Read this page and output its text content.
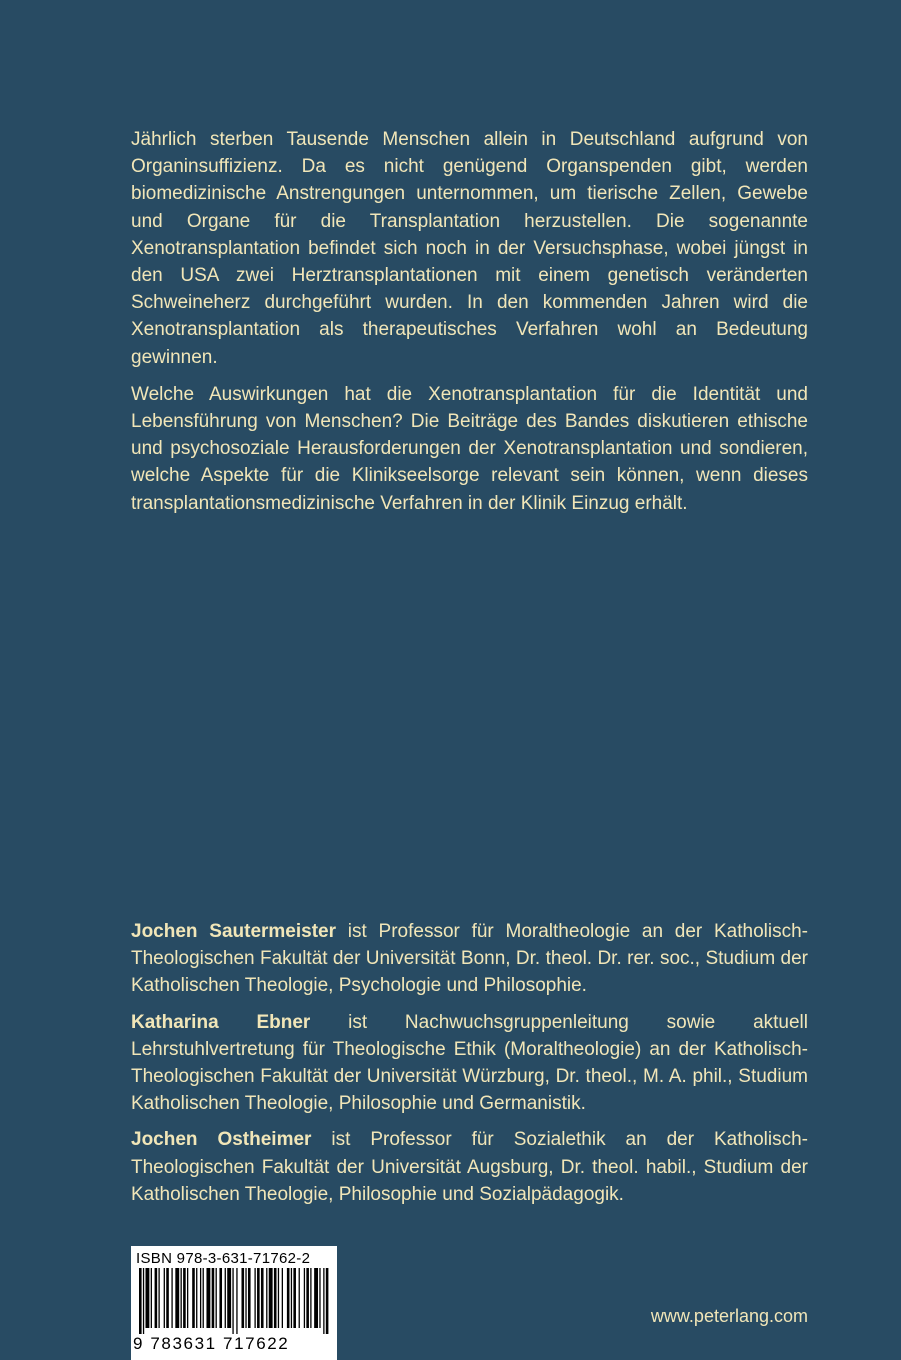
Jährlich sterben Tausende Menschen allein in Deutschland aufgrund von Organinsuffizienz. Da es nicht genügend Organspenden gibt, werden biomedizinische Anstrengungen unternommen, um tierische Zellen, Gewebe und Organe für die Transplantation herzustellen. Die sogenannte Xenotransplantation befindet sich noch in der Versuchsphase, wobei jüngst in den USA zwei Herztransplantationen mit einem genetisch veränderten Schweineherz durchgeführt wurden. In den kommenden Jahren wird die Xenotransplantation als therapeutisches Verfahren wohl an Bedeutung gewinnen.

Welche Auswirkungen hat die Xenotransplantation für die Identität und Lebensführung von Menschen? Die Beiträge des Bandes diskutieren ethische und psychosoziale Herausforderungen der Xenotransplantation und sondieren, welche Aspekte für die Klinikseelsorge relevant sein können, wenn dieses transplantationsmedizinische Verfahren in der Klinik Einzug erhält.

Jochen Sautermeister ist Professor für Moraltheologie an der Katholisch-Theologischen Fakultät der Universität Bonn, Dr. theol. Dr. rer. soc., Studium der Katholischen Theologie, Psychologie und Philosophie.

Katharina Ebner ist Nachwuchsgruppenleitung sowie aktuell Lehrstuhlvertretung für Theologische Ethik (Moraltheologie) an der Katholisch-Theologischen Fakultät der Universität Würzburg, Dr. theol., M. A. phil., Studium Katholischen Theologie, Philosophie und Germanistik.

Jochen Ostheimer ist Professor für Sozialethik an der Katholisch-Theologischen Fakultät der Universität Augsburg, Dr. theol. habil., Studium der Katholischen Theologie, Philosophie und Sozialpädagogik.

ISBN 978-3-631-71762-2
9 783631 717622
www.peterlang.com
